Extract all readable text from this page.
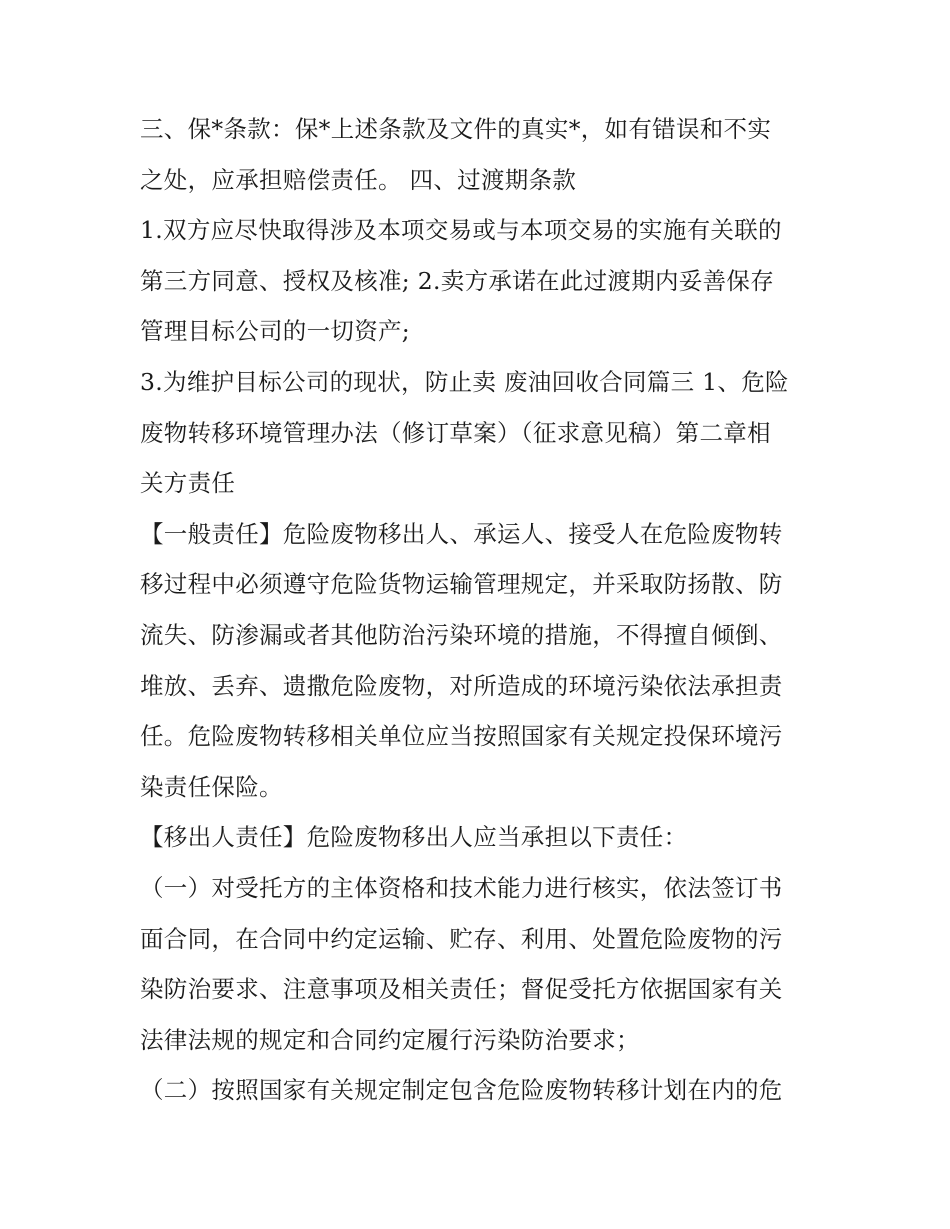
三、保*条款：保*上述条款及文件的真实*，如有错误和不实
之处，应承担赔偿责任。 四、过渡期条款
1.双方应尽快取得涉及本项交易或与本项交易的实施有关联的
第三方同意、授权及核准; 2.卖方承诺在此过渡期内妥善保存
管理目标公司的一切资产;
3.为维护目标公司的现状，防止卖 废油回收合同篇三 1、危险
废物转移环境管理办法（修订草案）（征求意见稿）第二章相
关方责任
【一般责任】危险废物移出人、承运人、接受人在危险废物转
移过程中必须遵守危险货物运输管理规定，并采取防扬散、防
流失、防渗漏或者其他防治污染环境的措施，不得擅自倾倒、
堆放、丢弃、遗撒危险废物，对所造成的环境污染依法承担责
任。危险废物转移相关单位应当按照国家有关规定投保环境污
染责任保险。
【移出人责任】危险废物移出人应当承担以下责任：
（一）对受托方的主体资格和技术能力进行核实，依法签订书
面合同，在合同中约定运输、贮存、利用、处置危险废物的污
染防治要求、注意事项及相关责任；督促受托方依据国家有关
法律法规的规定和合同约定履行污染防治要求；
（二）按照国家有关规定制定包含危险废物转移计划在内的危
